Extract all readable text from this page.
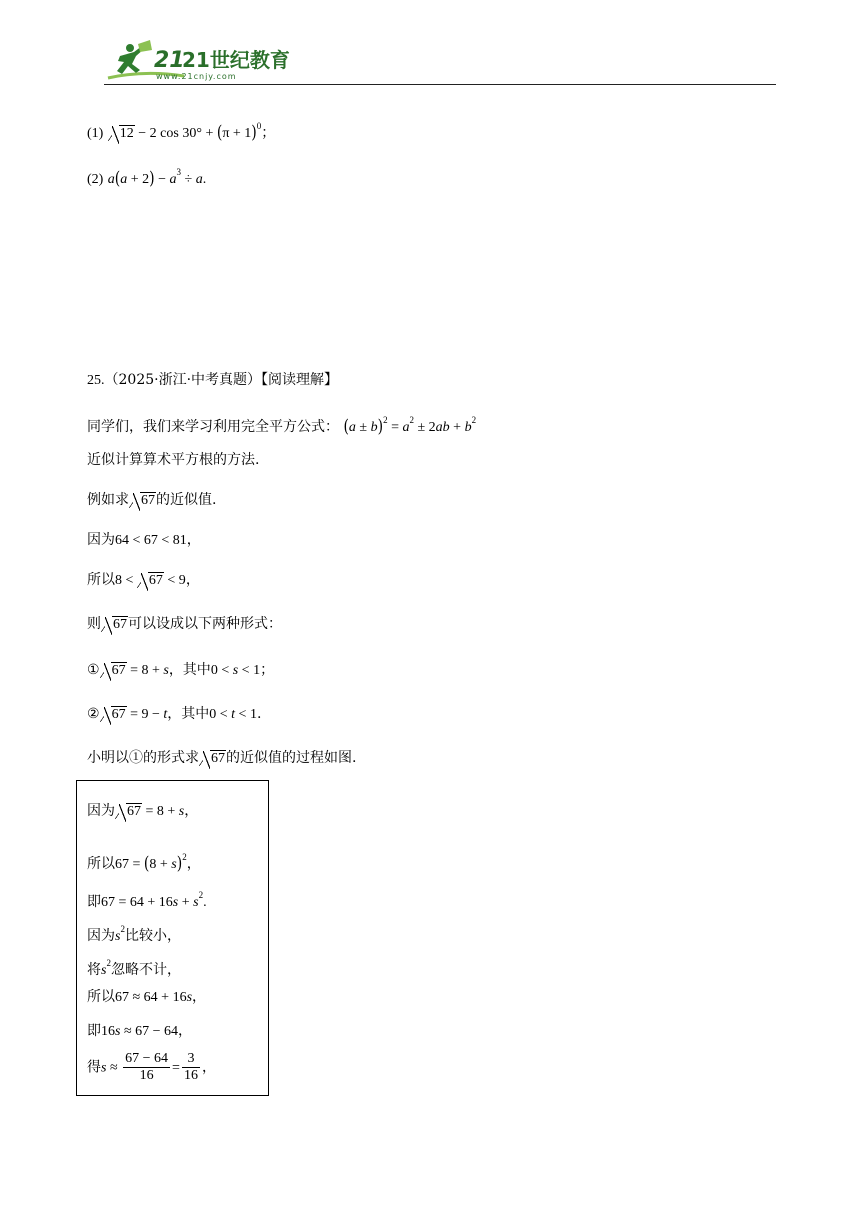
21
21世纪教育
www.21cnjy.com
(1) 12 − 2 $\cos 30^\circ + (\pi + 1)^0$；
(2) $a(a + 2) - a^3 \div a$.
25.（2025·浙江·中考真题）【阅读理解】
同学们，我们来学习利用完全平方公式： $(a \pm b)^2 = a^2 \pm 2ab + b^2$
近似计算算术平方根的方法.
例如求 67的近似值.
因为64 < 67 < 81，
所以8 < 67 < 9，
则 67可以设成以下两种形式：
① 67 = 8 + s，其中0 < s < 1；
② 67 = 9 − t，其中0 < t < 1.
小明以①的形式求 67的近似值的过程如图.
因为 67 = 8 + s，
所以$67 = (8 + s)^2$，
即$67 = 64 + 16s + s^2$.
因为$s^2$比较小，
将$s^2$忽略不计，
所以67 ≈ 64 + 16s，
即16s ≈ 67 − 64，
得$s \approx \frac{67 - 64}{16} = \frac{3}{16}$ ，
